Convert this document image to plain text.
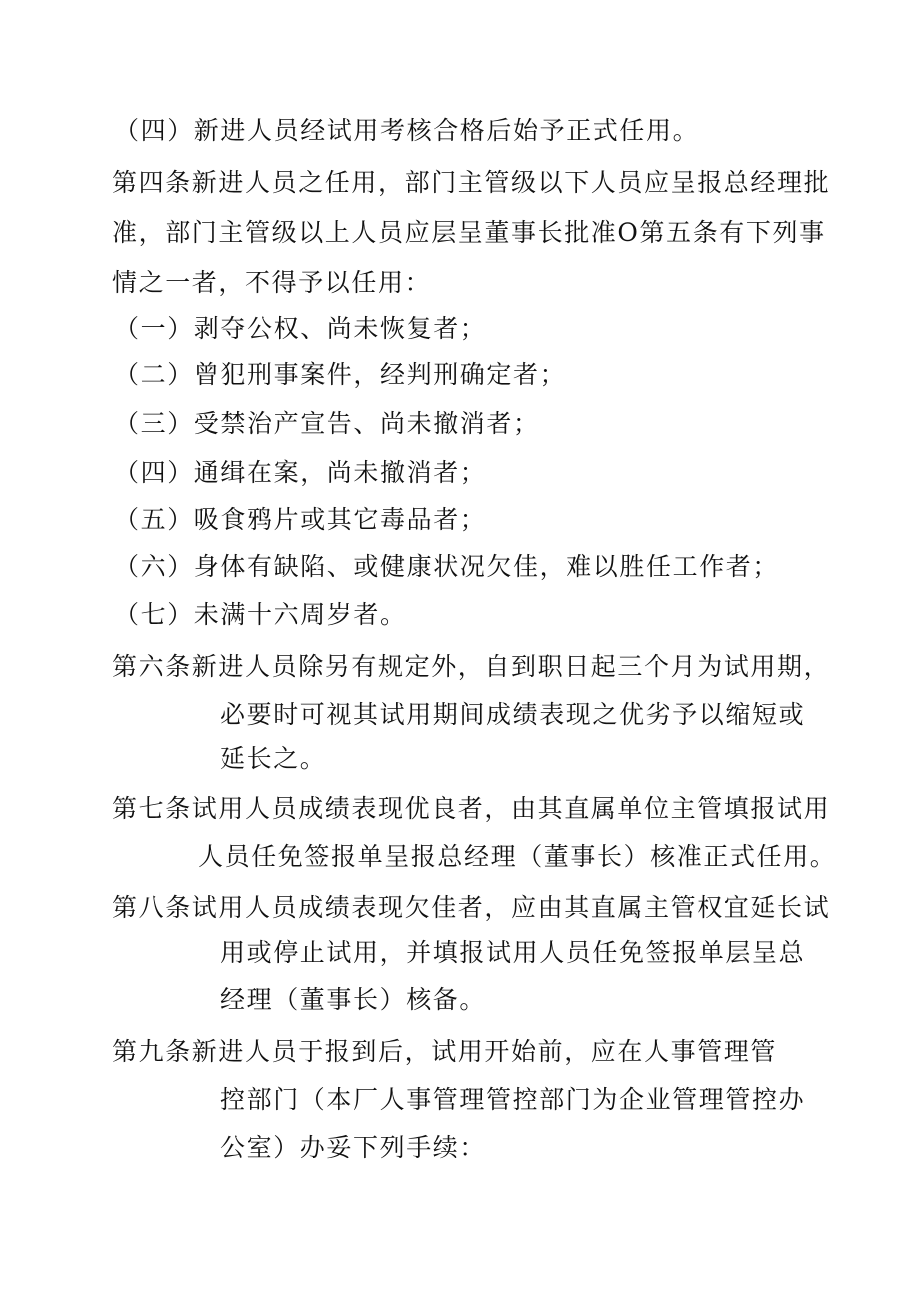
（四）新进人员经试用考核合格后始予正式任用。
第四条新进人员之任用，部门主管级以下人员应呈报总经理批
准，部门主管级以上人员应层呈董事长批准O第五条有下列事
情之一者，不得予以任用：
（一）剥夺公权、尚未恢复者；
（二）曾犯刑事案件，经判刑确定者；
（三）受禁治产宣告、尚未撤消者；
（四）通缉在案，尚未撤消者；
（五）吸食鸦片或其它毒品者；
（六）身体有缺陷、或健康状况欠佳，难以胜任工作者；
（七）未满十六周岁者。
第六条新进人员除另有规定外，自到职日起三个月为试用期，
必要时可视其试用期间成绩表现之优劣予以缩短或
延长之。
第七条试用人员成绩表现优良者，由其直属单位主管填报试用
人员任免签报单呈报总经理（董事长）核准正式任用。
第八条试用人员成绩表现欠佳者，应由其直属主管权宜延长试
用或停止试用，并填报试用人员任免签报单层呈总
经理（董事长）核备。
第九条新进人员于报到后，试用开始前，应在人事管理管
控部门（本厂人事管理管控部门为企业管理管控办
公室）办妥下列手续：
